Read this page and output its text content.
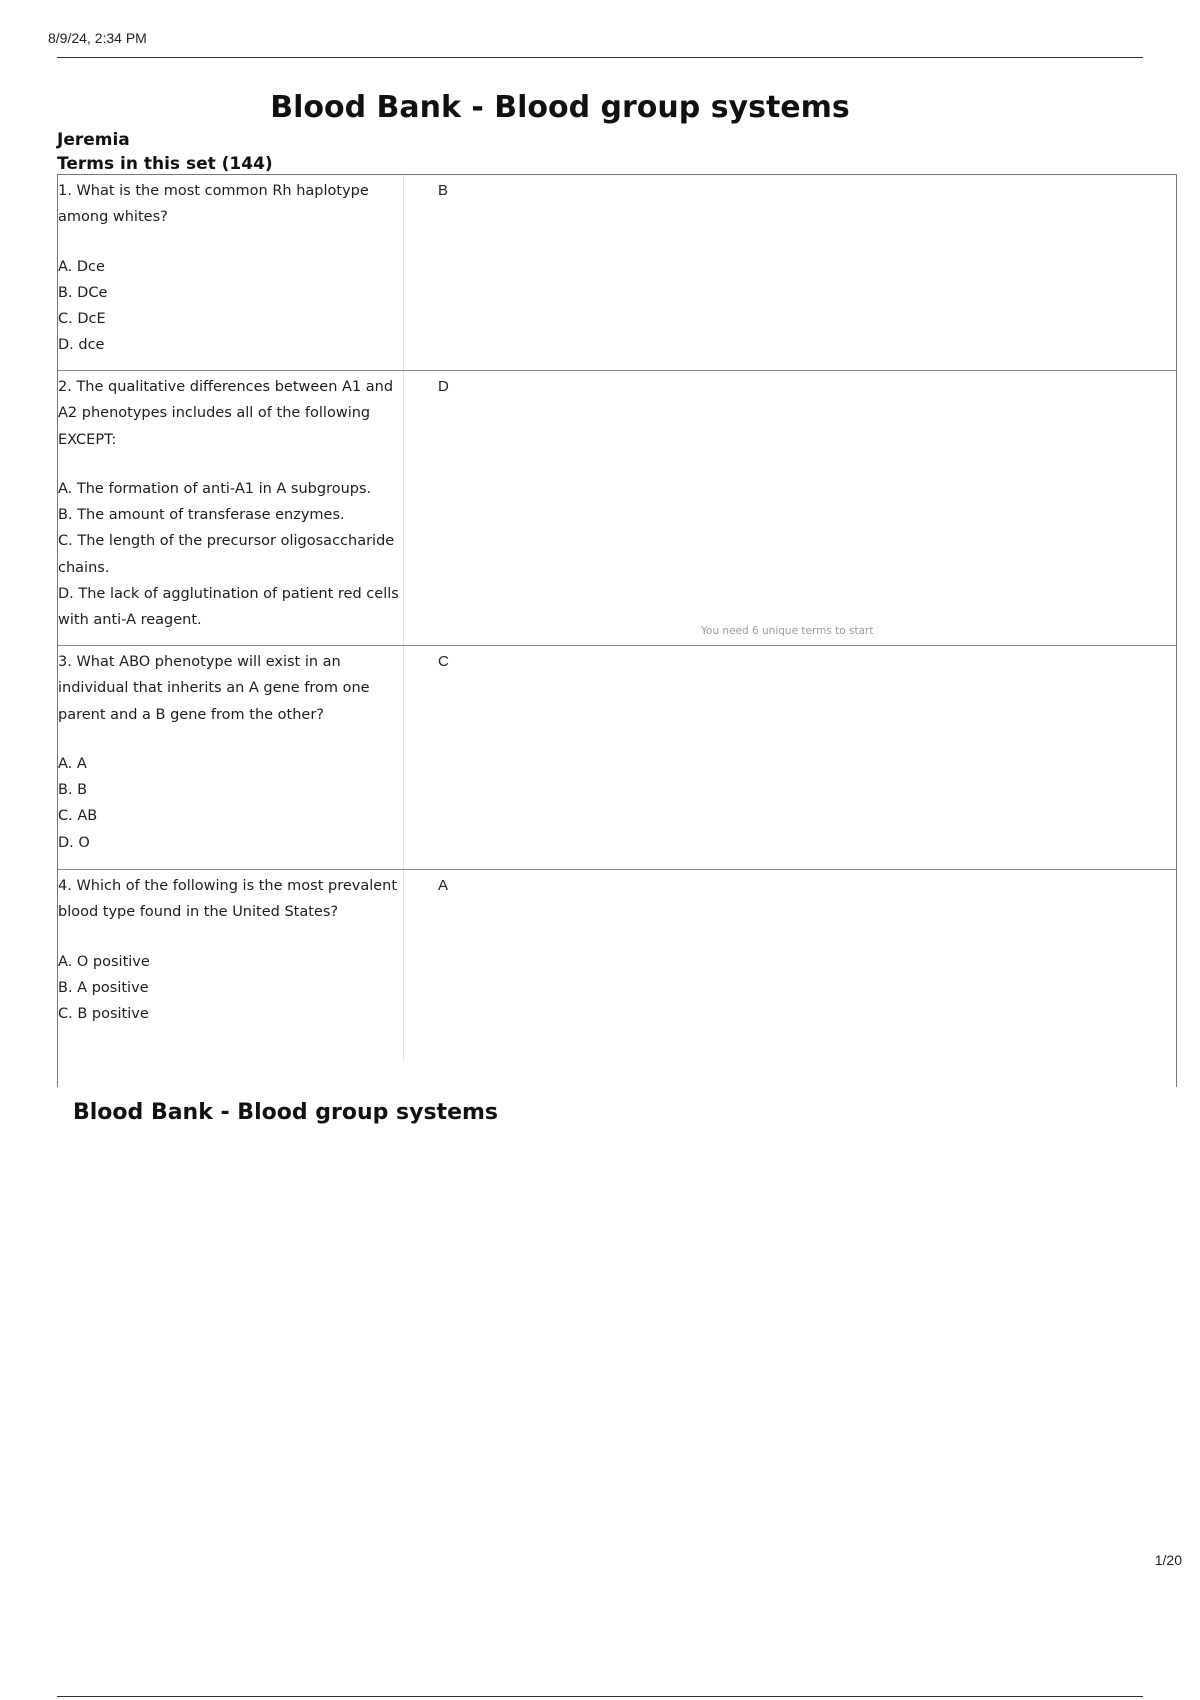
8/9/24, 2:34 PM
Blood Bank - Blood group systems
Jeremia
Terms in this set (144)
1. What is the most common Rh haplotype among whites?
A. Dce
B. DCe
C. DcE
D. dce
B
2. The qualitative differences between A1 and A2 phenotypes includes all of the following EXCEPT:
A. The formation of anti-A1 in A subgroups.
B. The amount of transferase enzymes.
C. The length of the precursor oligosaccharide chains.
D. The lack of agglutination of patient red cells with anti-A reagent.
D
You need 6 unique terms to start
3. What ABO phenotype will exist in an individual that inherits an A gene from one parent and a B gene from the other?
A. A
B. B
C. AB
D. O
C
4. Which of the following is the most prevalent blood type found in the United States?
A. O positive
B. A positive
C. B positive
A
Blood Bank - Blood group systems
1/20
